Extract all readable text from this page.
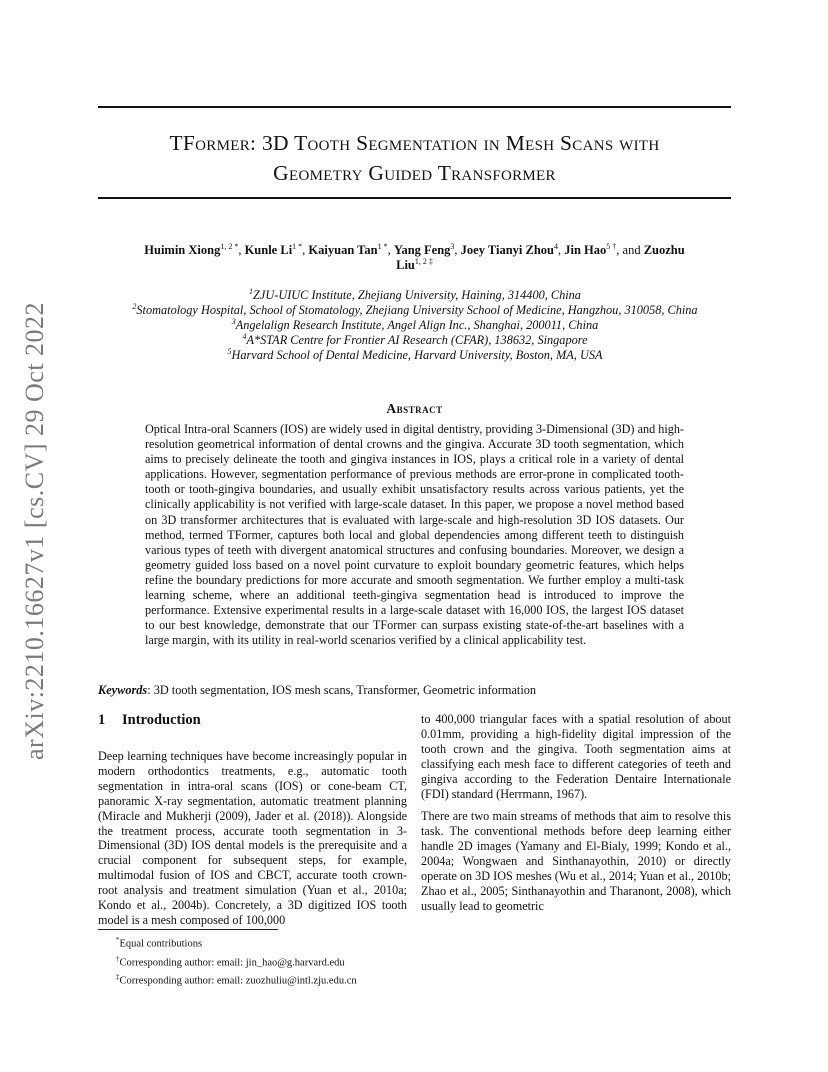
arXiv:2210.16627v1 [cs.CV] 29 Oct 2022
TFormer: 3D Tooth Segmentation in Mesh Scans with
Geometry Guided Transformer
Huimin Xiong$^{1, 2 *}$, Kunle $Li^{1 *}$, Kaiyuan Tan$^{1 *}$, Yang Feng$^3$, Joey Tianyi Zhou$^4$, Jin Hao$^{5 \dagger}$, and Zuozhu
Liu$^{1, 2 \ddagger}$
$^1$ZJU-UIUC Institute, Zhejiang University, Haining, 314400, China
$^2$Stomatology Hospital, School of Stomatology, Zhejiang University School of Medicine, Hangzhou, 310058, China
$^3$Angelalign Research Institute, Angel Align Inc., Shanghai, 200011, China
$^4$A*STAR Centre for Frontier AI Research (CFAR), 138632, Singapore
$^5$Harvard School of Dental Medicine, Harvard University, Boston, MA, USA
Abstract
Optical Intra-oral Scanners (IOS) are widely used in digital dentistry, providing 3-Dimensional (3D) and high-resolution geometrical information of dental crowns and the gingiva. Accurate 3D tooth segmentation, which aims to precisely delineate the tooth and gingiva instances in IOS, plays a critical role in a variety of dental applications. However, segmentation performance of previous methods are error-prone in complicated tooth-tooth or tooth-gingiva boundaries, and usually exhibit unsatisfactory results across various patients, yet the clinically applicability is not verified with large-scale dataset. In this paper, we propose a novel method based on 3D transformer architectures that is evaluated with large-scale and high-resolution 3D IOS datasets. Our method, termed TFormer, captures both local and global dependencies among different teeth to distinguish various types of teeth with divergent anatomical structures and confusing boundaries. Moreover, we design a geometry guided loss based on a novel point curvature to exploit boundary geometric features, which helps refine the boundary predictions for more accurate and smooth segmentation. We further employ a multi-task learning scheme, where an additional teeth-gingiva segmentation head is introduced to improve the performance. Extensive experimental results in a large-scale dataset with 16,000 IOS, the largest IOS dataset to our best knowledge, demonstrate that our TFormer can surpass existing state-of-the-art baselines with a large margin, with its utility in real-world scenarios verified by a clinical applicability test.
Keywords: 3D tooth segmentation, IOS mesh scans, Transformer, Geometric information
1 Introduction

Deep learning techniques have become increasingly popular in modern orthodontics treatments, e.g., automatic tooth segmentation in intra-oral scans (IOS) or cone-beam CT, panoramic X-ray segmentation, automatic treatment planning (Miracle and Mukherji (2009), Jader et al. (2018)). Alongside the treatment process, accurate tooth segmentation in 3-Dimensional (3D) IOS dental models is the prerequisite and a crucial component for subsequent steps, for example, multimodal fusion of IOS and CBCT, accurate tooth crown-root analysis and treatment simulation (Yuan et al., 2010a; Kondo et al., 2004b). Concretely, a 3D digitized IOS tooth model is a mesh composed of 100,000

to 400,000 triangular faces with a spatial resolution of about 0.01mm, providing a high-fidelity digital impression of the tooth crown and the gingiva. Tooth segmentation aims at classifying each mesh face to different categories of teeth and gingiva according to the Federation Dentaire Internationale (FDI) standard (Herrmann, 1967).

There are two main streams of methods that aim to resolve this task. The conventional methods before deep learning either handle 2D images (Yamany and El-Bialy, 1999; Kondo et al., 2004a; Wongwaen and Sinthanayothin, 2010) or directly operate on 3D IOS meshes (Wu et al., 2014; Yuan et al., 2010b; Zhao et al., 2005; Sinthanayothin and Tharanont, 2008), which usually lead to geometric

*Equal contributions
†Corresponding author: email: jin_hao@g.harvard.edu
‡Corresponding author: email: zuozhuliu@intl.zju.edu.cn
